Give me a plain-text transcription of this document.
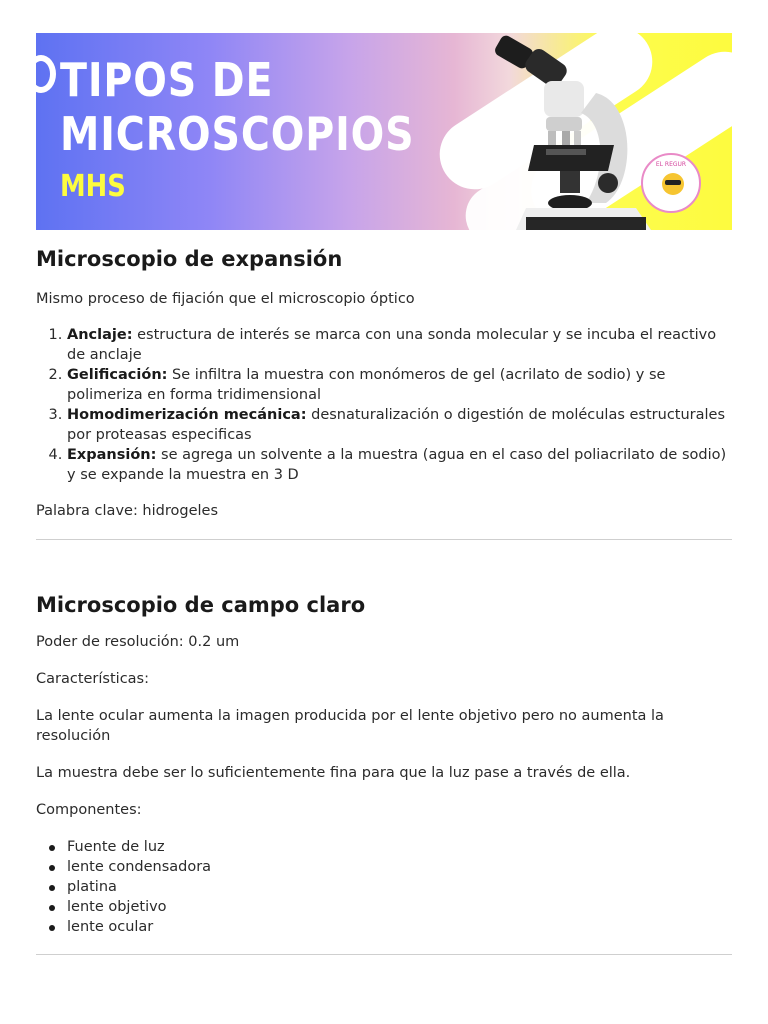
TIPOS DE
MICROSCOPIOS
MHS
EL REGUR
Microscopio de expansión

Mismo proceso de fijación que el microscopio óptico

1. Anclaje: estructura de interés se marca con una sonda molecular y se incuba el reactivo de anclaje
2. Gelificación: Se infiltra la muestra con monómeros de gel (acrilato de sodio) y se polimeriza en forma tridimensional
3. Homodimerización mecánica: desnaturalización o digestión de moléculas estructurales por proteasas especificas
4. Expansión: se agrega un solvente a la muestra (agua en el caso del poliacrilato de sodio) y se expande la muestra en 3 D

Palabra clave: hidrogeles

Microscopio de campo claro

Poder de resolución: 0.2 um

Características:

La lente ocular aumenta la imagen producida por el lente objetivo pero no aumenta la resolución

La muestra debe ser lo suficientemente fina para que la luz pase a través de ella.

Componentes:

Fuente de luz
lente condensadora
platina
lente objetivo
lente ocular
